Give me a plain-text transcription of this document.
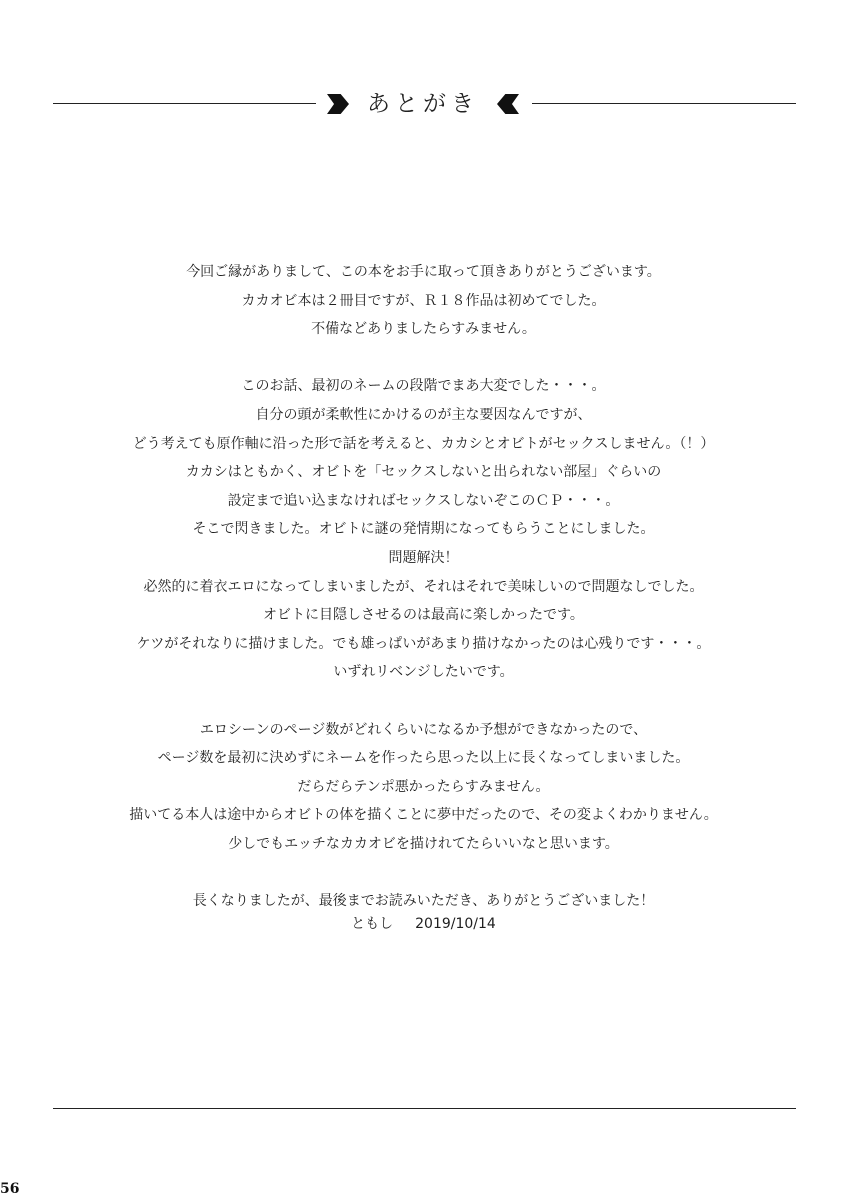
あとがき
今回ご縁がありまして、この本をお手に取って頂きありがとうございます。
カカオビ本は２冊目ですが、Ｒ１８作品は初めてでした。
不備などありましたらすみません。
このお話、最初のネームの段階でまあ大変でした・・・。
自分の頭が柔軟性にかけるのが主な要因なんですが、
どう考えても原作軸に沿った形で話を考えると、カカシとオビトがセックスしません。（！）
カカシはともかく、オビトを「セックスしないと出られない部屋」ぐらいの
設定まで追い込まなければセックスしないぞこのＣＰ・・・。
そこで閃きました。オビトに謎の発情期になってもらうことにしました。
問題解決！
必然的に着衣エロになってしまいましたが、それはそれで美味しいので問題なしでした。
オビトに目隠しさせるのは最高に楽しかったです。
ケツがそれなりに描けました。でも雄っぱいがあまり描けなかったのは心残りです・・・。
いずれリベンジしたいです。
エロシーンのページ数がどれくらいになるか予想ができなかったので、
ページ数を最初に決めずにネームを作ったら思った以上に長くなってしまいました。
だらだらテンポ悪かったらすみません。
描いてる本人は途中からオビトの体を描くことに夢中だったので、その変よくわかりません。
少しでもエッチなカカオビを描けれてたらいいなと思います。
長くなりましたが、最後までお読みいただき、ありがとうございました！
ともし 2019/10/14
56
